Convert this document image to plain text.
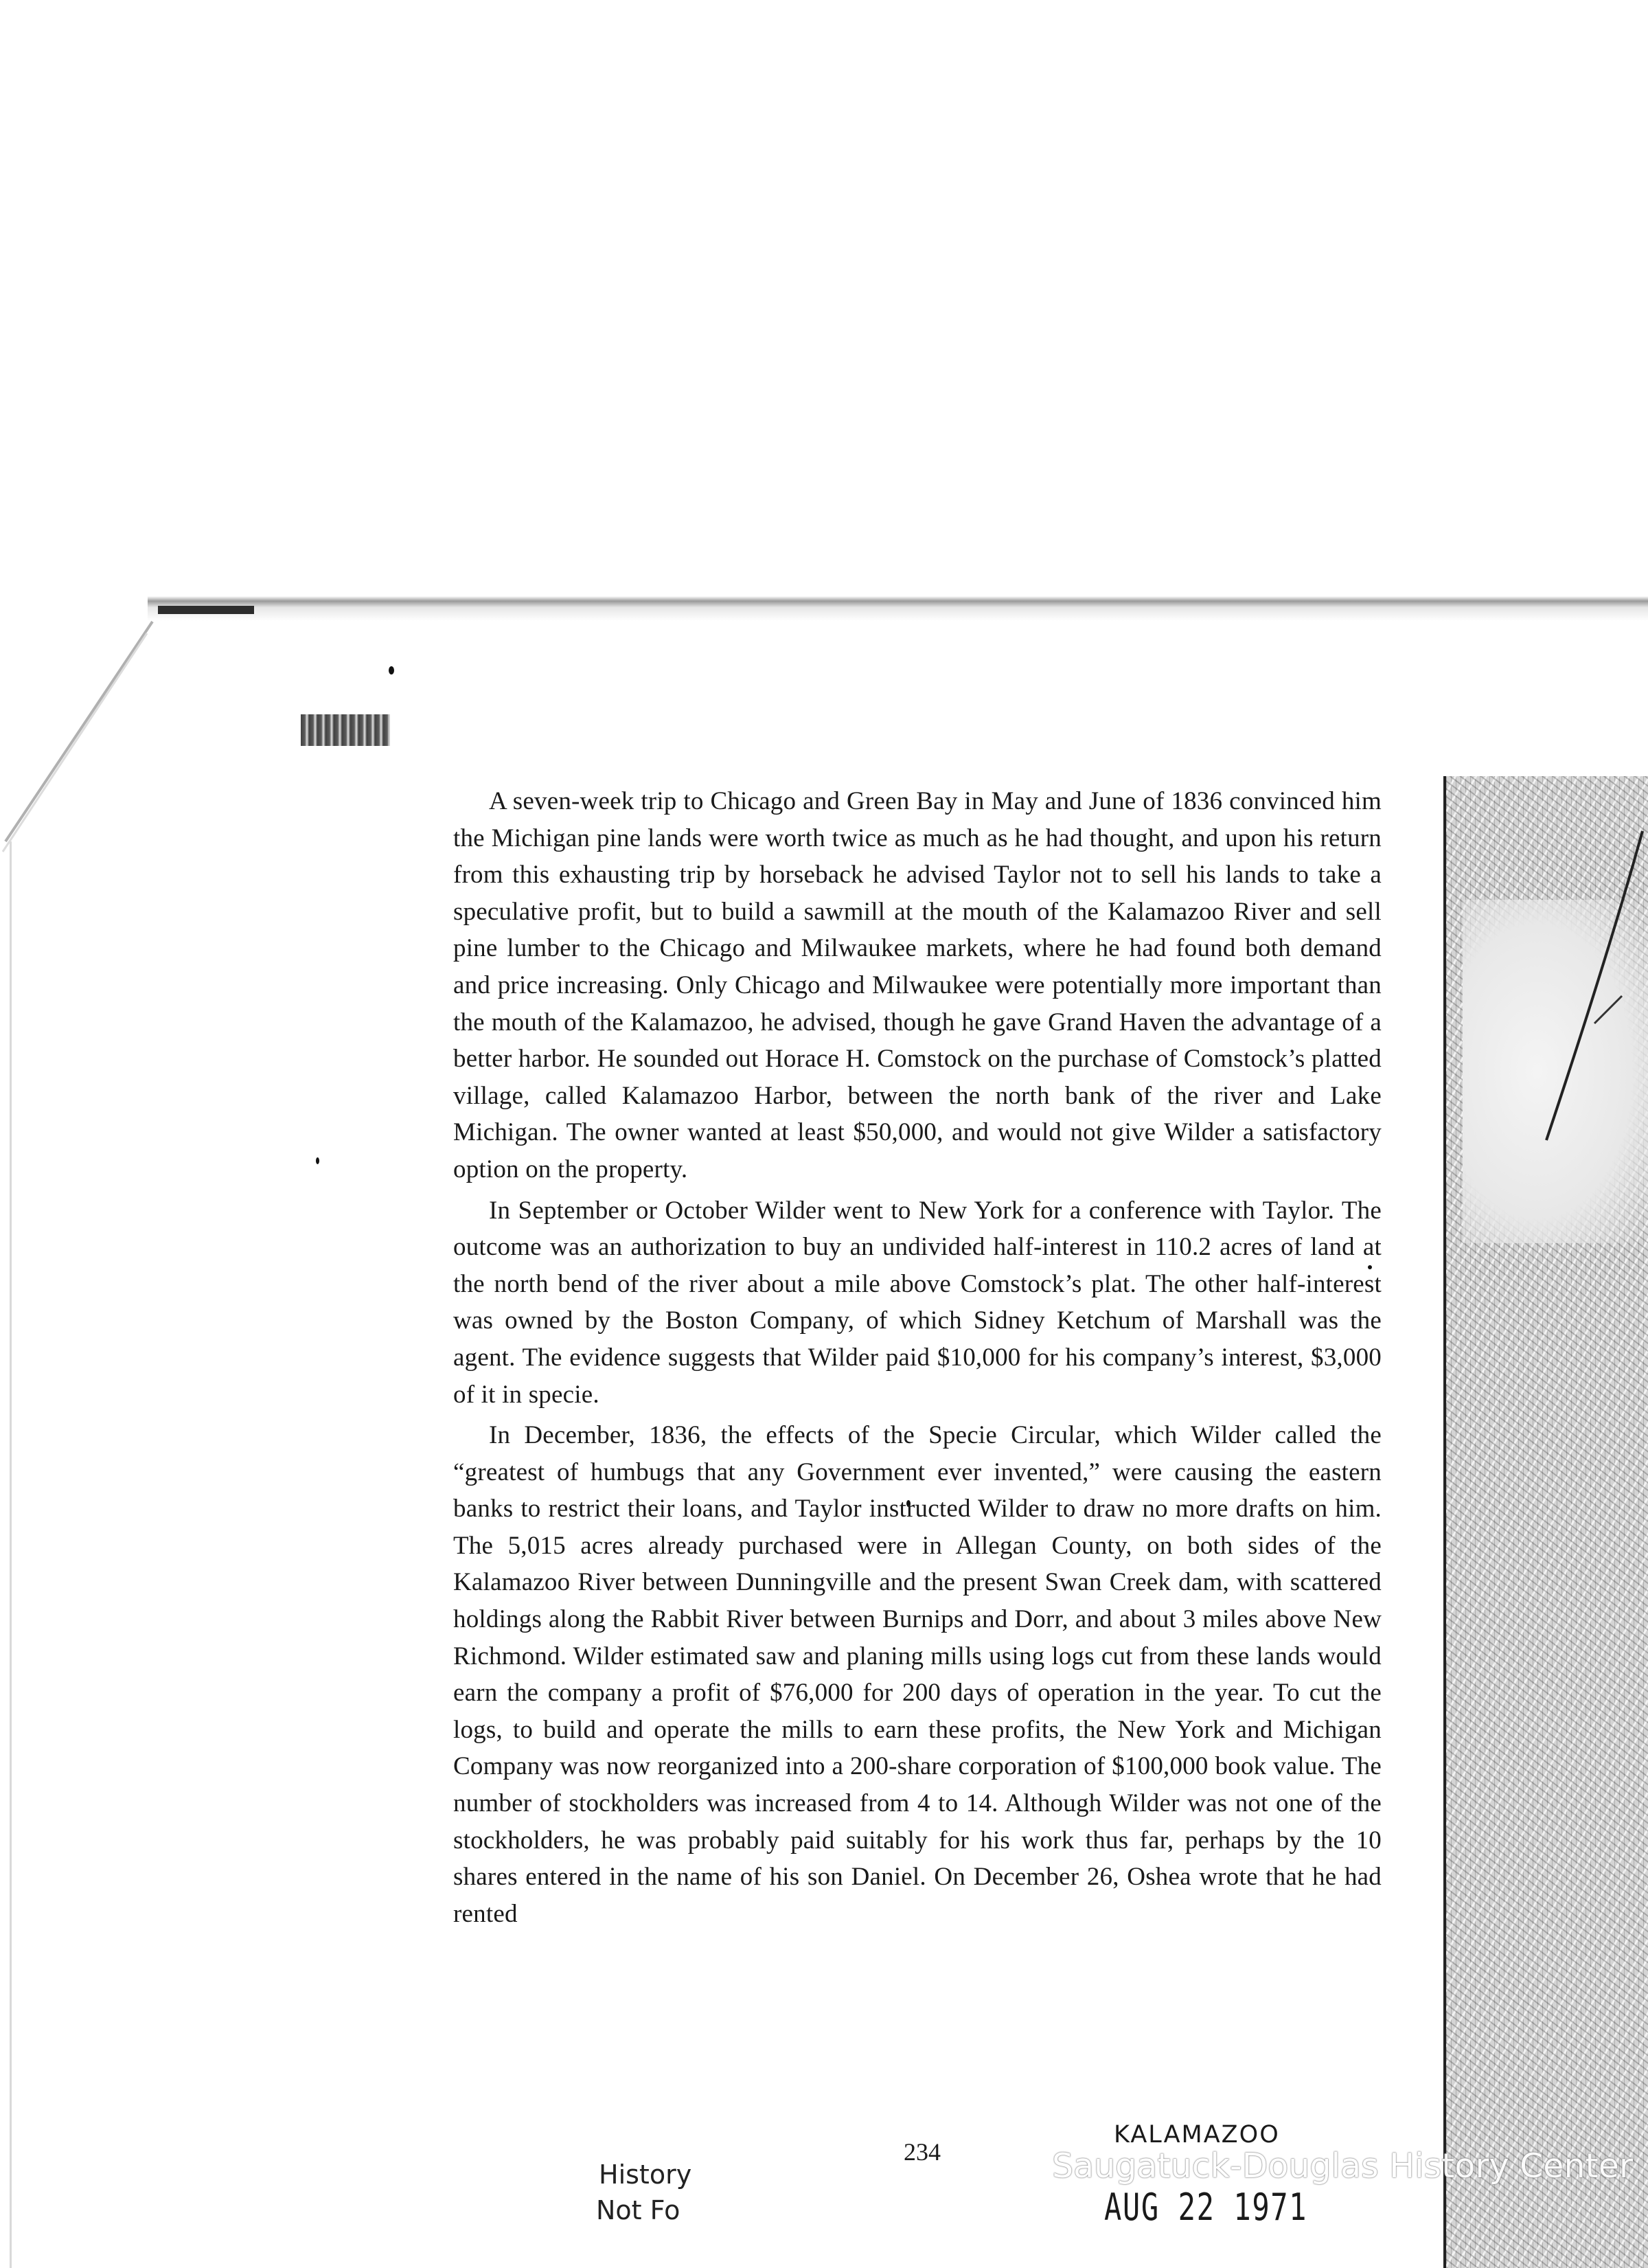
A seven-week trip to Chicago and Green Bay in May and June of 1836 convinced him the Michigan pine lands were worth twice as much as he had thought, and upon his return from this exhausting trip by horseback he advised Taylor not to sell his lands to take a speculative profit, but to build a sawmill at the mouth of the Kalamazoo River and sell pine lumber to the Chicago and Milwaukee markets, where he had found both demand and price increasing. Only Chicago and Milwaukee were potentially more important than the mouth of the Kalamazoo, he advised, though he gave Grand Haven the advantage of a better harbor. He sounded out Horace H. Comstock on the purchase of Comstock’s platted village, called Kalamazoo Harbor, between the north bank of the river and Lake Michigan. The owner wanted at least $50,000, and would not give Wilder a satisfactory option on the property.

In September or October Wilder went to New York for a conference with Taylor. The outcome was an authorization to buy an undivided half-interest in 110.2 acres of land at the north bend of the river about a mile above Comstock’s plat. The other half-interest was owned by the Boston Company, of which Sidney Ketchum of Marshall was the agent. The evidence suggests that Wilder paid $10,000 for his company’s interest, $3,000 of it in specie.

In December, 1836, the effects of the Specie Circular, which Wilder called the “greatest of humbugs that any Government ever invented,” were causing the eastern banks to restrict their loans, and Taylor instructed Wilder to draw no more drafts on him. The 5,015 acres already purchased were in Allegan County, on both sides of the Kalamazoo River between Dunningville and the present Swan Creek dam, with scattered holdings along the Rabbit River between Burnips and Dorr, and about 3 miles above New Richmond. Wilder estimated saw and planing mills using logs cut from these lands would earn the company a profit of $76,000 for 200 days of operation in the year. To cut the logs, to build and operate the mills to earn these profits, the New York and Michigan Company was now reorganized into a 200-share corporation of $100,000 book value. The number of stockholders was increased from 4 to 14. Although Wilder was not one of the stockholders, he was probably paid suitably for his work thus far, perhaps by the 10 shares entered in the name of his son Daniel. On December 26, Oshea wrote that he had rented

234
KALAMAZOO
AUG 22 1971
History
Not Fo
Saugatuck-Douglas History Center
